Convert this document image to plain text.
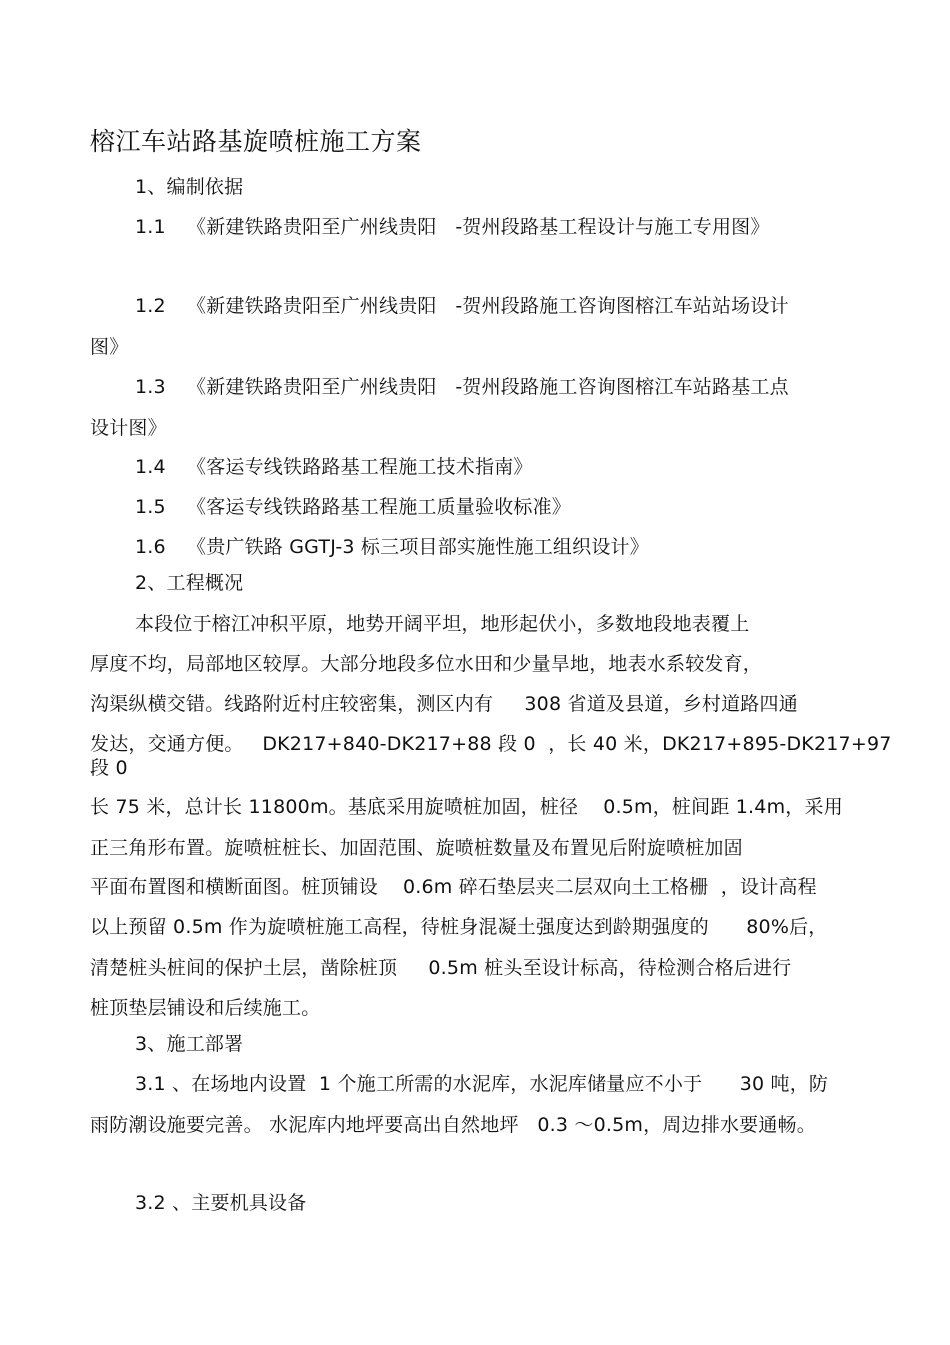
榕江车站路基旋喷桩施工方案
1、编制依据
1.1 《新建铁路贵阳至广州线贵阳   -贺州段路基工程设计与施工专用图》
1.2 《新建铁路贵阳至广州线贵阳   -贺州段路施工咨询图榕江车站站场设计
图》
1.3 《新建铁路贵阳至广州线贵阳   -贺州段路施工咨询图榕江车站路基工点
设计图》
1.4 《客运专线铁路路基工程施工技术指南》
1.5 《客运专线铁路路基工程施工质量验收标准》
1.6 《贵广铁路 GGTJ-3 标三项目部实施性施工组织设计》
2、工程概况
本段位于榕江冲积平原，地势开阔平坦，地形起伏小，多数地段地表覆上
厚度不均，局部地区较厚。大部分地段多位水田和少量旱地，地表水系较发育，
沟渠纵横交错。线路附近村庄较密集，测区内有     308 省道及县道，乡村道路四通
发达，交通方便。   DK217+840-DK217+88 段 0  ，长 40 米，DK217+895-DK217+97
段 0
长 75 米，总计长 11800m。基底采用旋喷桩加固，桩径    0.5m，桩间距 1.4m，采用
正三角形布置。旋喷桩桩长、加固范围、旋喷桩数量及布置见后附旋喷桩加固
平面布置图和横断面图。桩顶铺设    0.6m 碎石垫层夹二层双向土工格栅  ，设计高程
以上预留 0.5m 作为旋喷桩施工高程，待桩身混凝土强度达到龄期强度的      80%后，
清楚桩头桩间的保护土层，凿除桩顶     0.5m 桩头至设计标高，待检测合格后进行
桩顶垫层铺设和后续施工。
3、施工部署
3.1 、在场地内设置  1 个施工所需的水泥库，水泥库储量应不小于      30 吨，防
雨防潮设施要完善。 水泥库内地坪要高出自然地坪   0.3 ～0.5m，周边排水要通畅。
3.2 、主要机具设备
